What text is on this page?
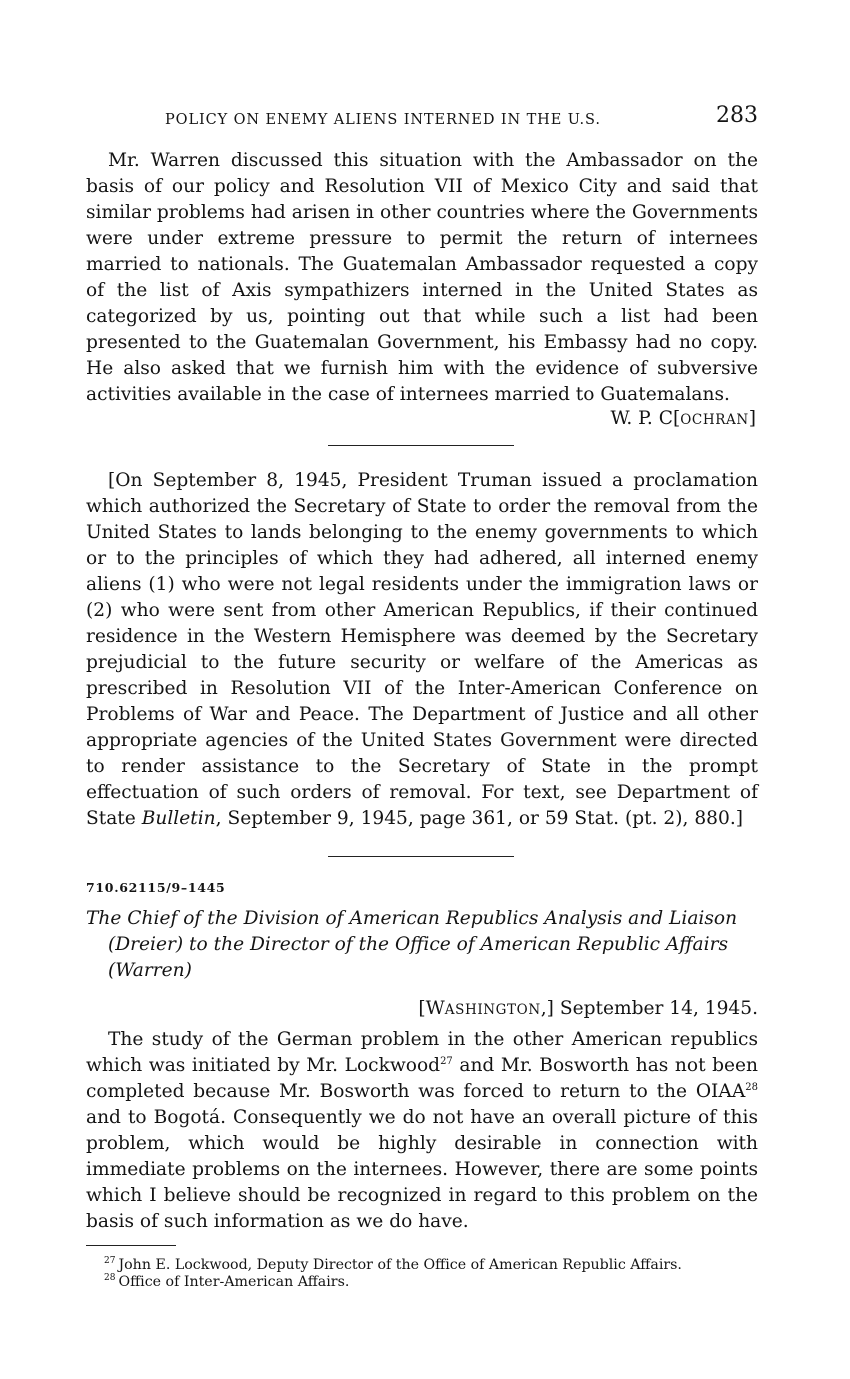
POLICY ON ENEMY ALIENS INTERNED IN THE U.S.	283

Mr. Warren discussed this situation with the Ambassador on the basis of our policy and Resolution VII of Mexico City and said that similar problems had arisen in other countries where the Governments were under extreme pressure to permit the return of internees married to nationals. The Guatemalan Ambassador requested a copy of the list of Axis sympathizers interned in the United States as categorized by us, pointing out that while such a list had been presented to the Guatemalan Government, his Embassy had no copy. He also asked that we furnish him with the evidence of subversive activities available in the case of internees married to Guatemalans.

W. P. C[OCHRAN]

[On September 8, 1945, President Truman issued a proclamation which authorized the Secretary of State to order the removal from the United States to lands belonging to the enemy governments to which or to the principles of which they had adhered, all interned enemy aliens (1) who were not legal residents under the immigration laws or (2) who were sent from other American Republics, if their continued residence in the Western Hemisphere was deemed by the Secretary prejudicial to the future security or welfare of the Americas as prescribed in Resolution VII of the Inter-American Conference on Problems of War and Peace. The Department of Justice and all other appropriate agencies of the United States Government were directed to render assistance to the Secretary of State in the prompt effectuation of such orders of removal. For text, see Department of State Bulletin, September 9, 1945, page 361, or 59 Stat. (pt. 2), 880.]

710.62115/9–1445
The Chief of the Division of American Republics Analysis and Liaison (Dreier) to the Director of the Office of American Republic Affairs (Warren)
[WASHINGTON,] September 14, 1945.

The study of the German problem in the other American republics which was initiated by Mr. Lockwood$^{27}$ and Mr. Bosworth has not been completed because Mr. Bosworth was forced to return to the OIAA$^{28}$ and to Bogotá. Consequently we do not have an overall picture of this problem, which would be highly desirable in connection with immediate problems on the internees. However, there are some points which I believe should be recognized in regard to this problem on the basis of such information as we do have.

$^{27}$ John E. Lockwood, Deputy Director of the Office of American Republic Affairs.
$^{28}$ Office of Inter-American Affairs.
